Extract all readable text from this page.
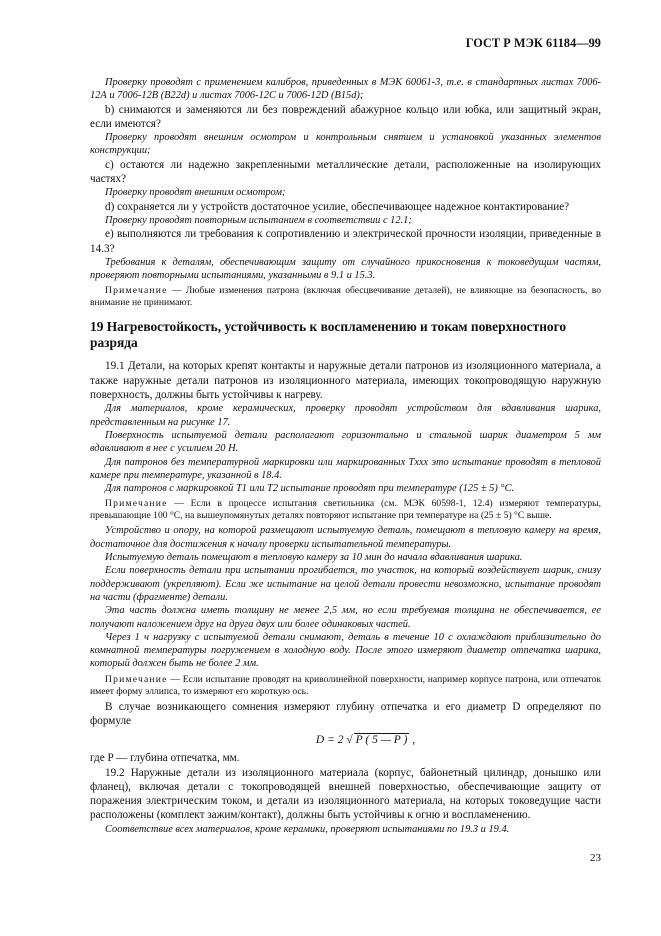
ГОСТ Р МЭК 61184—99

Проверку проводят с применением калибров, приведенных в МЭК 60061-3, т.е. в стандартных листах 7006-12А и 7006-12В (В22d) и листах 7006-12С и 7006-12D (В15d);

b) снимаются и заменяются ли без повреждений абажурное кольцо или юбка, или защитный экран, если имеются?

Проверку проводят внешним осмотром и контрольным снятием и установкой указанных элементов конструкции;

c) остаются ли надежно закрепленными металлические детали, расположенные на изолирующих частях?

Проверку проводят внешним осмотром;

d) сохраняется ли у устройств достаточное усилие, обеспечивающее надежное контактирование?

Проверку проводят повторным испытанием в соответствии с 12.1;

e) выполняются ли требования к сопротивлению и электрической прочности изоляции, приведенные в 14.3?

Требования к деталям, обеспечивающим защиту от случайного прикосновения к токоведущим частям, проверяют повторными испытаниями, указанными в 9.1 и 15.3.

Примечание — Любые изменения патрона (включая обесцвечивание деталей), не влияющие на безопасность, во внимание не принимают.

19 Нагревостойкость, устойчивость к воспламенению и токам поверхностного разряда

19.1 Детали, на которых крепят контакты и наружные детали патронов из изоляционного материала, а также наружные детали патронов из изоляционного материала, имеющих токопроводящую наружную поверхность, должны быть устойчивы к нагреву.

Для материалов, кроме керамических, проверку проводят устройством для вдавливания шарика, представленным на рисунке 17.

Поверхность испытуемой детали располагают горизонтально и стальной шарик диаметром 5 мм вдавливают в нее с усилием 20 Н.

Для патронов без температурной маркировки или маркированных Tхxx это испытание проводят в тепловой камере при температуре, указанной в 18.4.

Для патронов с маркировкой T1 или T2 испытание проводят при температуре (125 ± 5) °С.

Примечание — Если в процессе испытания светильника (см. МЭК 60598-1, 12.4) измеряют температуры, превышающие 100 °С, на вышеупомянутых деталях повторяют испытание при температуре на (25 ± 5) °С выше.

Устройство и опору, на которой размещают испытуемую деталь, помещают в тепловую камеру на время, достаточное для достижения к началу проверки испытательной температуры.

Испытуемую деталь помещают в тепловую камеру за 10 мин до начала вдавливания шарика.

Если поверхность детали при испытании прогибается, то участок, на который воздействует шарик, снизу поддерживают (укрепляют). Если же испытание на целой детали провести невозможно, испытание проводят на части (фрагменте) детали.

Эта часть должна иметь толщину не менее 2,5 мм, но если требуемая толщина не обеспечивается, ее получают наложением друг на друга двух или более одинаковых частей.

Через 1 ч нагрузку с испытуемой детали снимают, деталь в течение 10 с охлаждают приблизительно до комнатной температуры погружением в холодную воду. После этого измеряют диаметр отпечатка шарика, который должен быть не более 2 мм.

Примечание — Если испытание проводят на криволинейной поверхности, например корпусе патрона, или отпечаток имеет форму эллипса, то измеряют его короткую ось.

В случае возникающего сомнения измеряют глубину отпечатка и его диаметр D определяют по формуле

D = 2 √ P ( 5 — P ) ,

где P — глубина отпечатка, мм.

19.2 Наружные детали из изоляционного материала (корпус, байонетный цилиндр, донышко или фланец), включая детали с токопроводящей внешней поверхностью, обеспечивающие защиту от поражения электрическим током, и детали из изоляционного материала, на которых токоведущие части расположены (комплект зажим/контакт), должны быть устойчивы к огню и воспламенению.

Соответствие всех материалов, кроме керамики, проверяют испытаниями по 19.3 и 19.4.

23
